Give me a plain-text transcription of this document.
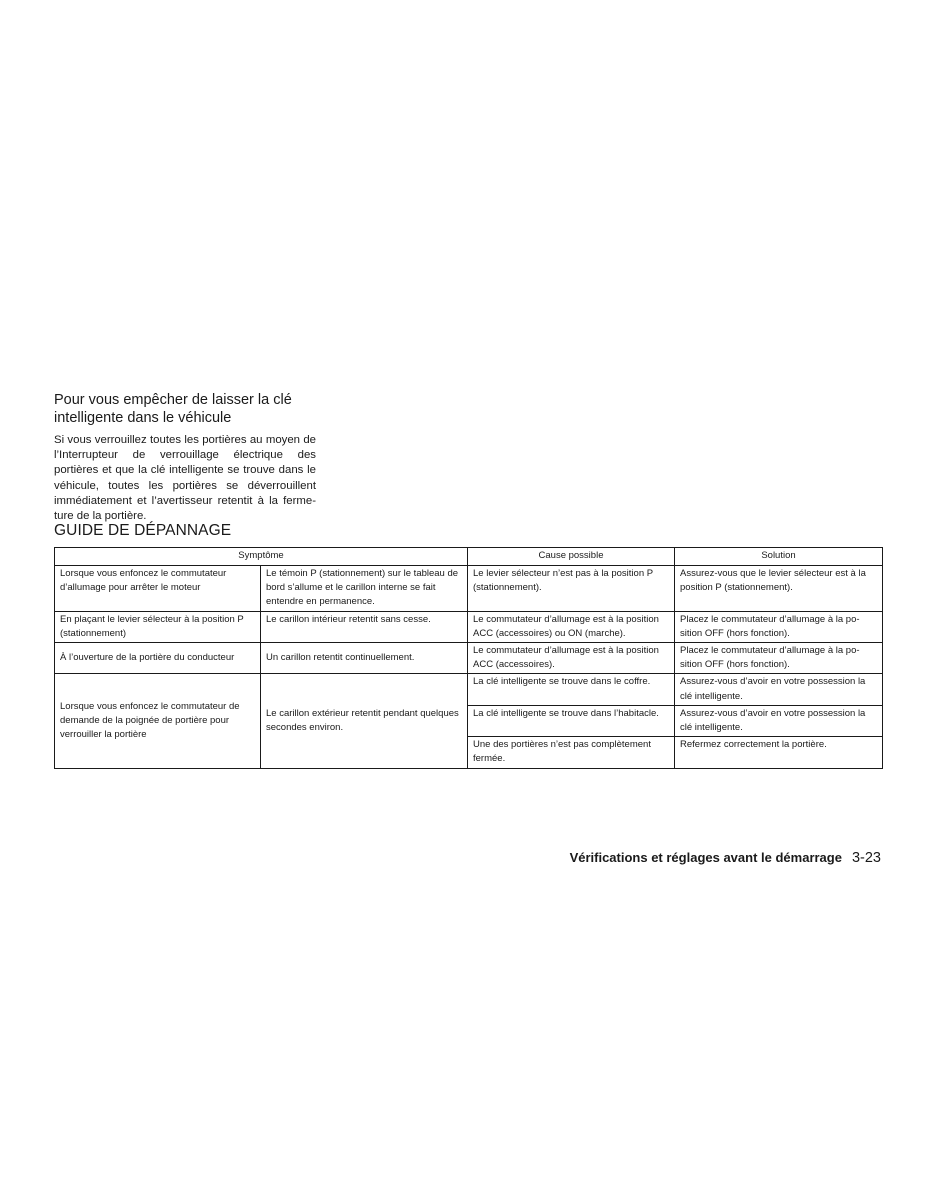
Pour vous empêcher de laisser la clé intelligente dans le véhicule

Si vous verrouillez toutes les portières au moyen de l’Interrupteur de verrouillage électrique des portières et que la clé intelligente se trouve dans le véhicule, toutes les portières se déverrouillent immédiatement et l’avertisseur retentit à la fermeture de la portière.

GUIDE DE DÉPANNAGE
Symptôme		Cause possible	Solution
Lorsque vous enfoncez le commutateur d’allumage pour arrêter le moteur	Le témoin P (stationnement) sur le tableau de bord s’allume et le carillon interne se fait entendre en permanence.	Le levier sélecteur n’est pas à la position P (stationnement).	Assurez-vous que le levier sélecteur est à la position P (stationnement).
En plaçant le levier sélecteur à la position P (stationnement)	Le carillon intérieur retentit sans cesse.	Le commutateur d’allumage est à la position ACC (accessoires) ou ON (marche).	Placez le commutateur d’allumage à la position OFF (hors fonction).
À l’ouverture de la portière du conducteur	Un carillon retentit continuellement.	Le commutateur d’allumage est à la position ACC (accessoires).	Placez le commutateur d’allumage à la position OFF (hors fonction).
Lorsque vous enfoncez le commutateur de demande de la poignée de portière pour verrouiller la portière	Le carillon extérieur retentit pendant quelques secondes environ.	La clé intelligente se trouve dans le coffre.	Assurez-vous d’avoir en votre possession la clé intelligente.
		La clé intelligente se trouve dans l’habitacle.	Assurez-vous d’avoir en votre possession la clé intelligente.
		Une des portières n’est pas complètement fermée.	Refermez correctement la portière.
Vérifications et réglages avant le démarrage 3-23
